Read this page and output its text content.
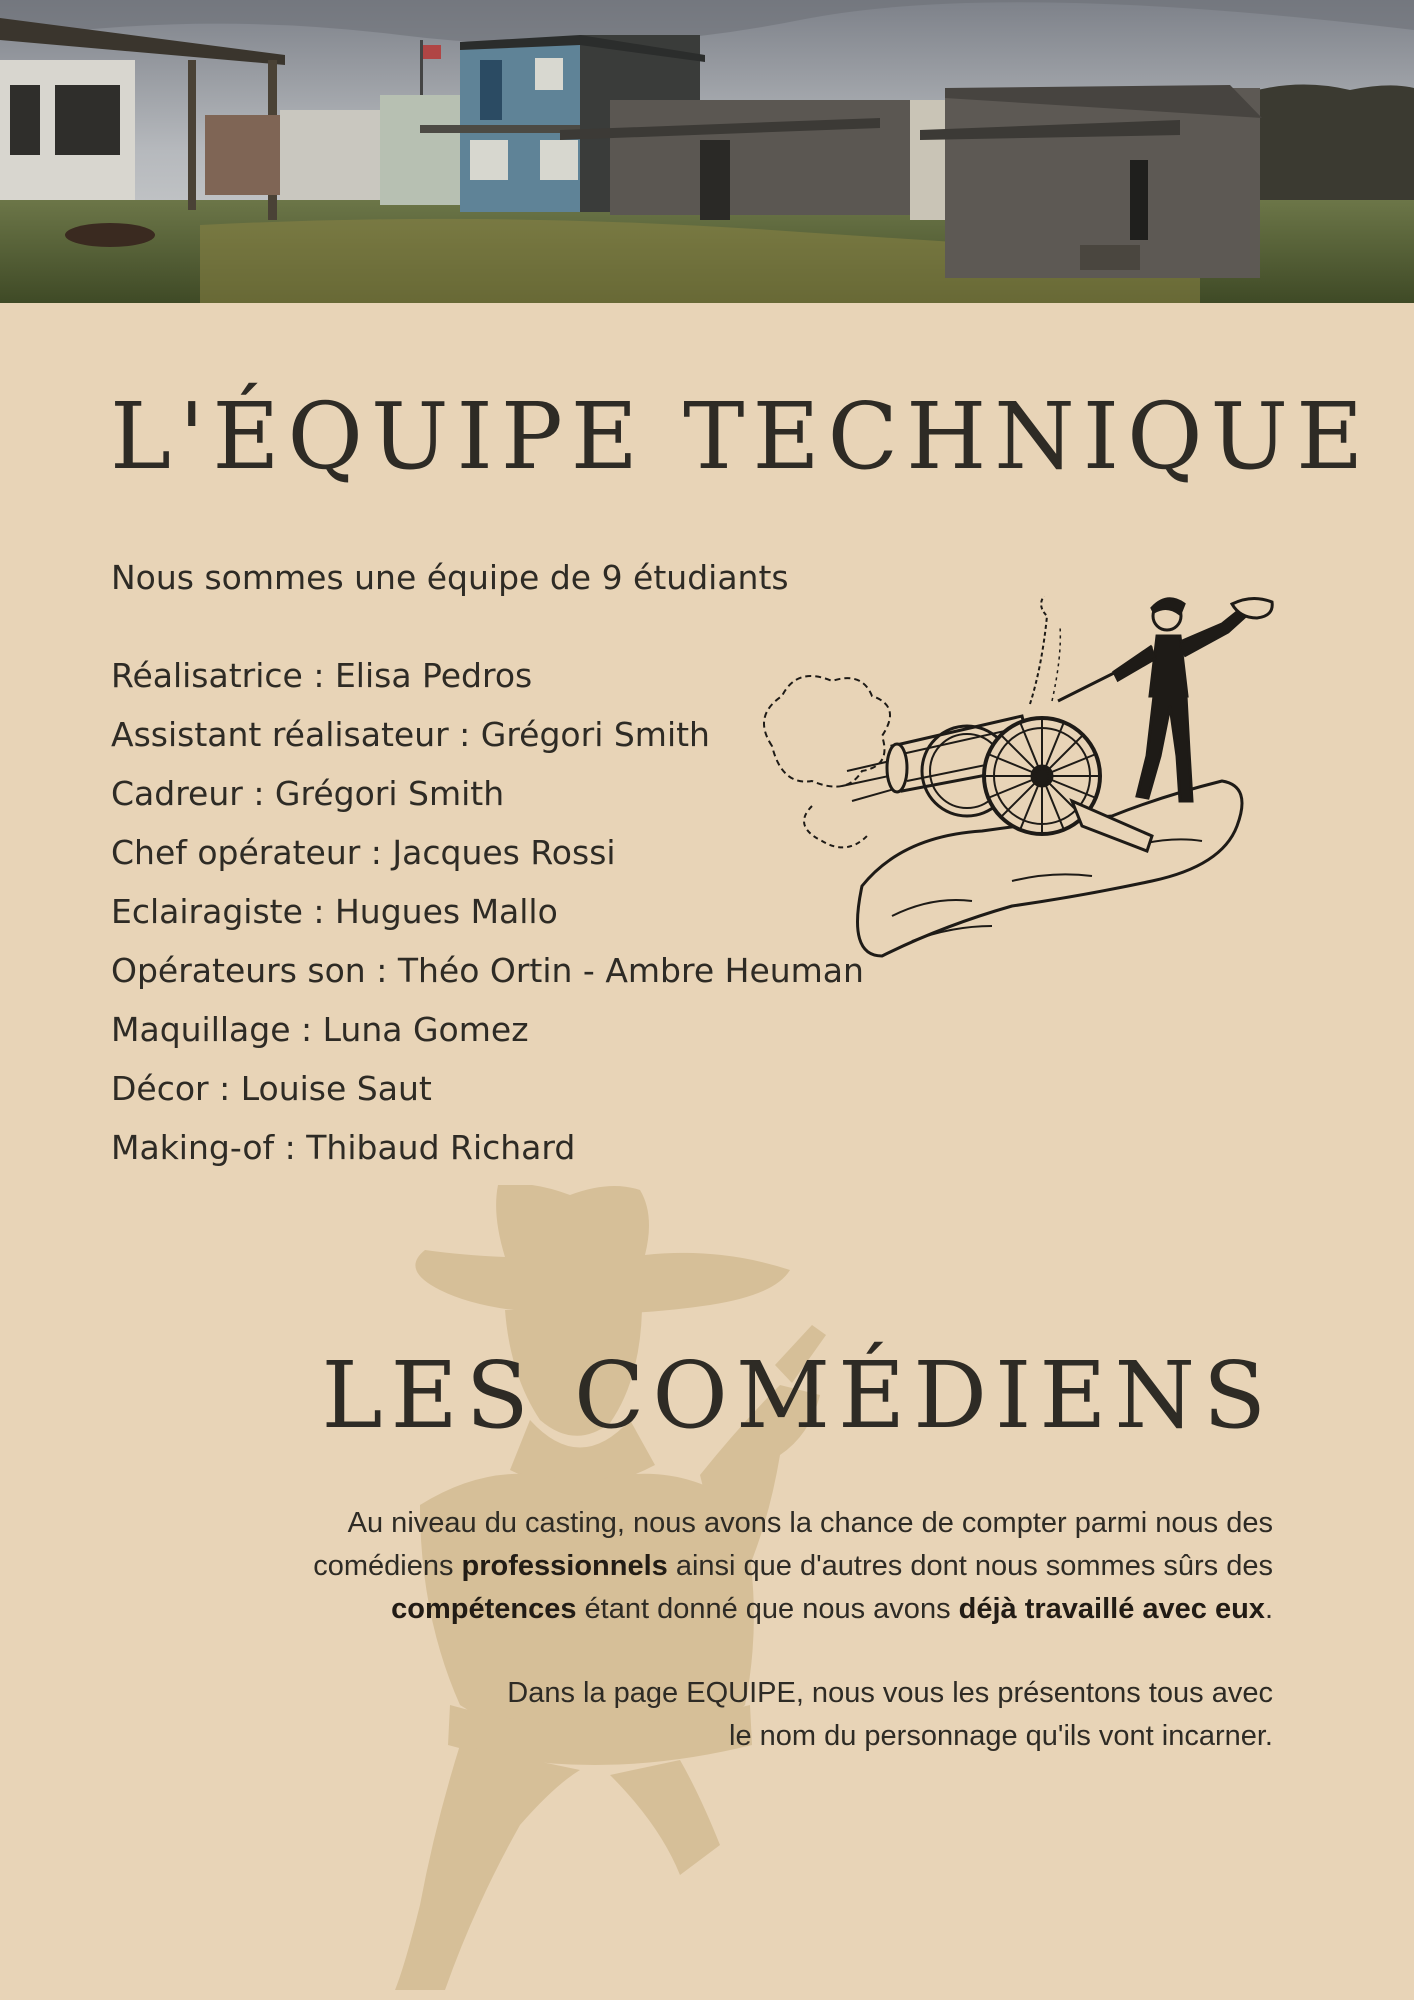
L'ÉQUIPE TECHNIQUE
Nous sommes une équipe de 9 étudiants
Réalisatrice : Elisa Pedros
Assistant réalisateur : Grégori Smith
Cadreur : Grégori Smith
Chef opérateur : Jacques Rossi
Eclairagiste : Hugues Mallo
Opérateurs son : Théo Ortin - Ambre Heuman
Maquillage : Luna Gomez
Décor : Louise Saut
Making-of : Thibaud Richard
LES COMÉDIENS

Au niveau du casting, nous avons la chance de compter parmi nous des comédiens professionnels ainsi que d'autres dont nous sommes sûrs des compétences étant donné que nous avons déjà travaillé avec eux.

Dans la page EQUIPE, nous vous les présentons tous avec
le nom du personnage qu'ils vont incarner.
